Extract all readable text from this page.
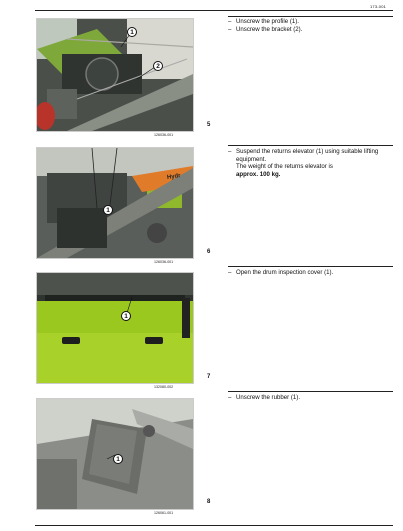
173-001
1
2
126036-001
5
– Unscrew the profile (1).
– Unscrew the bracket (2).
1
Hydr
126036-001
6
– Suspend the returns elevator (1) using suitable lifting equipment.
The weight of the returns elevator is
approx. 100 kg.
1
132080-002
7
– Open the drum inspection cover (1).
1
126061-001
8
– Unscrew the rubber (1).
